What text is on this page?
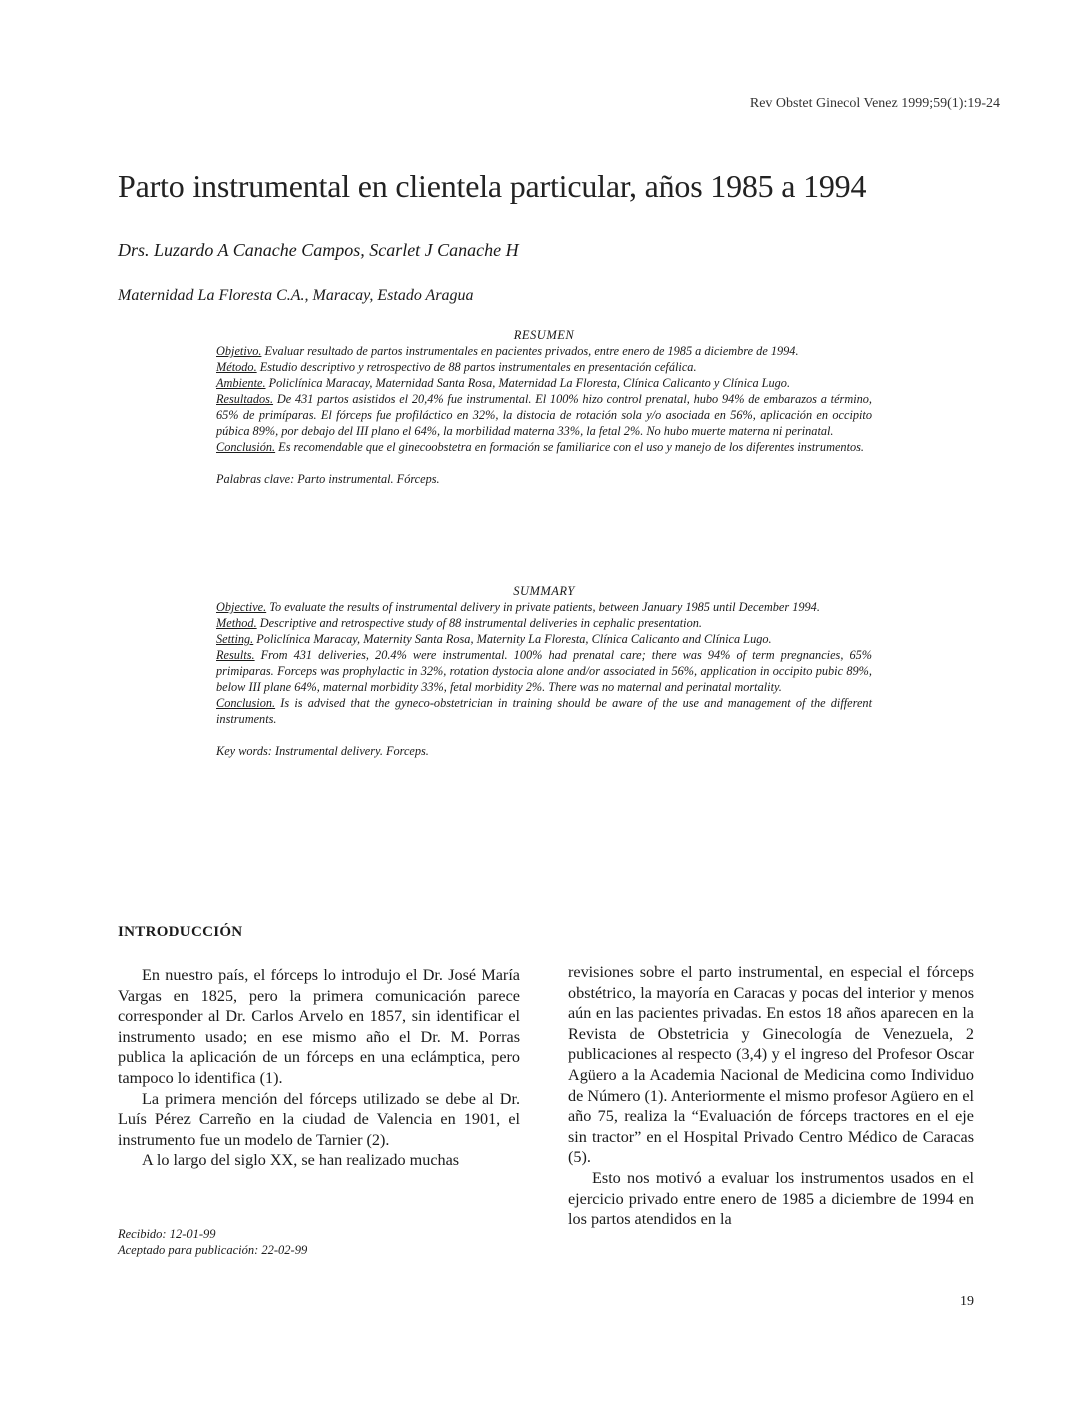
Rev Obstet Ginecol Venez 1999;59(1):19-24
Parto instrumental en clientela particular, años 1985 a 1994
Drs. Luzardo A Canache Campos, Scarlet J Canache H
Maternidad La Floresta C.A., Maracay, Estado Aragua
RESUMEN

Objetivo. Evaluar resultado de partos instrumentales en pacientes privados, entre enero de 1985 a diciembre de 1994.

Método. Estudio descriptivo y retrospectivo de 88 partos instrumentales en presentación cefálica.

Ambiente. Policlínica Maracay, Maternidad Santa Rosa, Maternidad La Floresta, Clínica Calicanto y Clínica Lugo.

Resultados. De 431 partos asistidos el 20,4% fue instrumental. El 100% hizo control prenatal, hubo 94% de embarazos a término, 65% de primíparas. El fórceps fue profiláctico en 32%, la distocia de rotación sola y/o asociada en 56%, aplicación en occipito púbica 89%, por debajo del III plano el 64%, la morbilidad materna 33%, la fetal 2%. No hubo muerte materna ni perinatal.

Conclusión. Es recomendable que el ginecoobstetra en formación se familiarice con el uso y manejo de los diferentes instrumentos.

Palabras clave: Parto instrumental. Fórceps.

SUMMARY

Objective. To evaluate the results of instrumental delivery in private patients, between January 1985 until December 1994.

Method. Descriptive and retrospective study of 88 instrumental deliveries in cephalic presentation.

Setting. Policlínica Maracay, Maternity Santa Rosa, Maternity La Floresta, Clínica Calicanto and Clínica Lugo.

Results. From 431 deliveries, 20.4% were instrumental. 100% had prenatal care; there was 94% of term pregnancies, 65% primiparas. Forceps was prophylactic in 32%, rotation dystocia alone and/or associated in 56%, application in occipito pubic 89%, below III plane 64%, maternal morbidity 33%, fetal morbidity 2%. There was no maternal and perinatal mortality.

Conclusion. Is is advised that the gyneco-obstetrician in training should be aware of the use and management of the different instruments.

Key words: Instrumental delivery. Forceps.

INTRODUCCIÓN

En nuestro país, el fórceps lo introdujo el Dr. José María Vargas en 1825, pero la primera comunicación parece corresponder al Dr. Carlos Arvelo en 1857, sin identificar el instrumento usado; en ese mismo año el Dr. M. Porras publica la aplicación de un fórceps en una eclámptica, pero tampoco lo identifica (1).

La primera mención del fórceps utilizado se debe al Dr. Luís Pérez Carreño en la ciudad de Valencia en 1901, el instrumento fue un modelo de Tarnier (2).

A lo largo del siglo XX, se han realizado muchas

revisiones sobre el parto instrumental, en especial el fórceps obstétrico, la mayoría en Caracas y pocas del interior y menos aún en las pacientes privadas. En estos 18 años aparecen en la Revista de Obstetricia y Ginecología de Venezuela, 2 publicaciones al respecto (3,4) y el ingreso del Profesor Oscar Agüero a la Academia Nacional de Medicina como Individuo de Número (1). Anteriormente el mismo profesor Agüero en el año 75, realiza la “Evaluación de fórceps tractores en el eje sin tractor” en el Hospital Privado Centro Médico de Caracas (5).

Esto nos motivó a evaluar los instrumentos usados en el ejercicio privado entre enero de 1985 a diciembre de 1994 en los partos atendidos en la

Recibido: 12-01-99
Aceptado para publicación: 22-02-99
19
